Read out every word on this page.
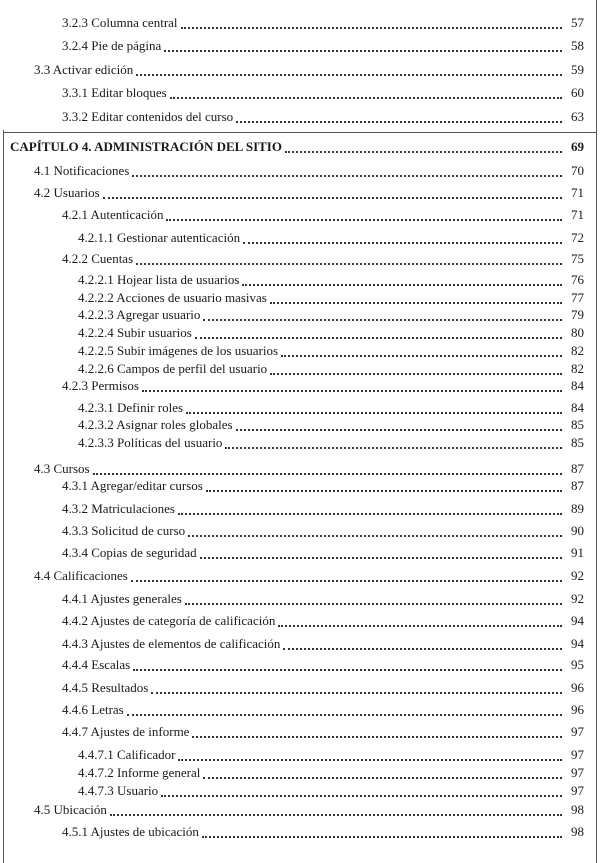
3.2.3 Columna central	57
3.2.4 Pie de página	58
3.3 Activar edición	59
3.3.1 Editar bloques	60
3.3.2 Editar contenidos del curso	63
CAPÍTULO 4. ADMINISTRACIÓN DEL SITIO	69
4.1 Notificaciones	70
4.2 Usuarios	71
4.2.1 Autenticación	71
4.2.1.1 Gestionar autenticación	72
4.2.2 Cuentas	75
4.2.2.1 Hojear lista de usuarios	76
4.2.2.2 Acciones de usuario masivas	77
4.2.2.3 Agregar usuario	79
4.2.2.4 Subir usuarios	80
4.2.2.5 Subir imágenes de los usuarios	82
4.2.2.6 Campos de perfil del usuario	82
4.2.3 Permisos	84
4.2.3.1 Definir roles	84
4.2.3.2 Asignar roles globales	85
4.2.3.3 Políticas del usuario	85
4.3 Cursos	87
4.3.1 Agregar/editar cursos	87
4.3.2 Matriculaciones	89
4.3.3 Solicitud de curso	90
4.3.4 Copias de seguridad	91
4.4 Calificaciones	92
4.4.1 Ajustes generales	92
4.4.2 Ajustes de categoría de calificación	94
4.4.3 Ajustes de elementos de calificación	94
4.4.4 Escalas	95
4.4.5 Resultados	96
4.4.6 Letras	96
4.4.7 Ajustes de informe	97
4.4.7.1 Calificador	97
4.4.7.2 Informe general	97
4.4.7.3 Usuario	97
4.5 Ubicación	98
4.5.1 Ajustes de ubicación	98
